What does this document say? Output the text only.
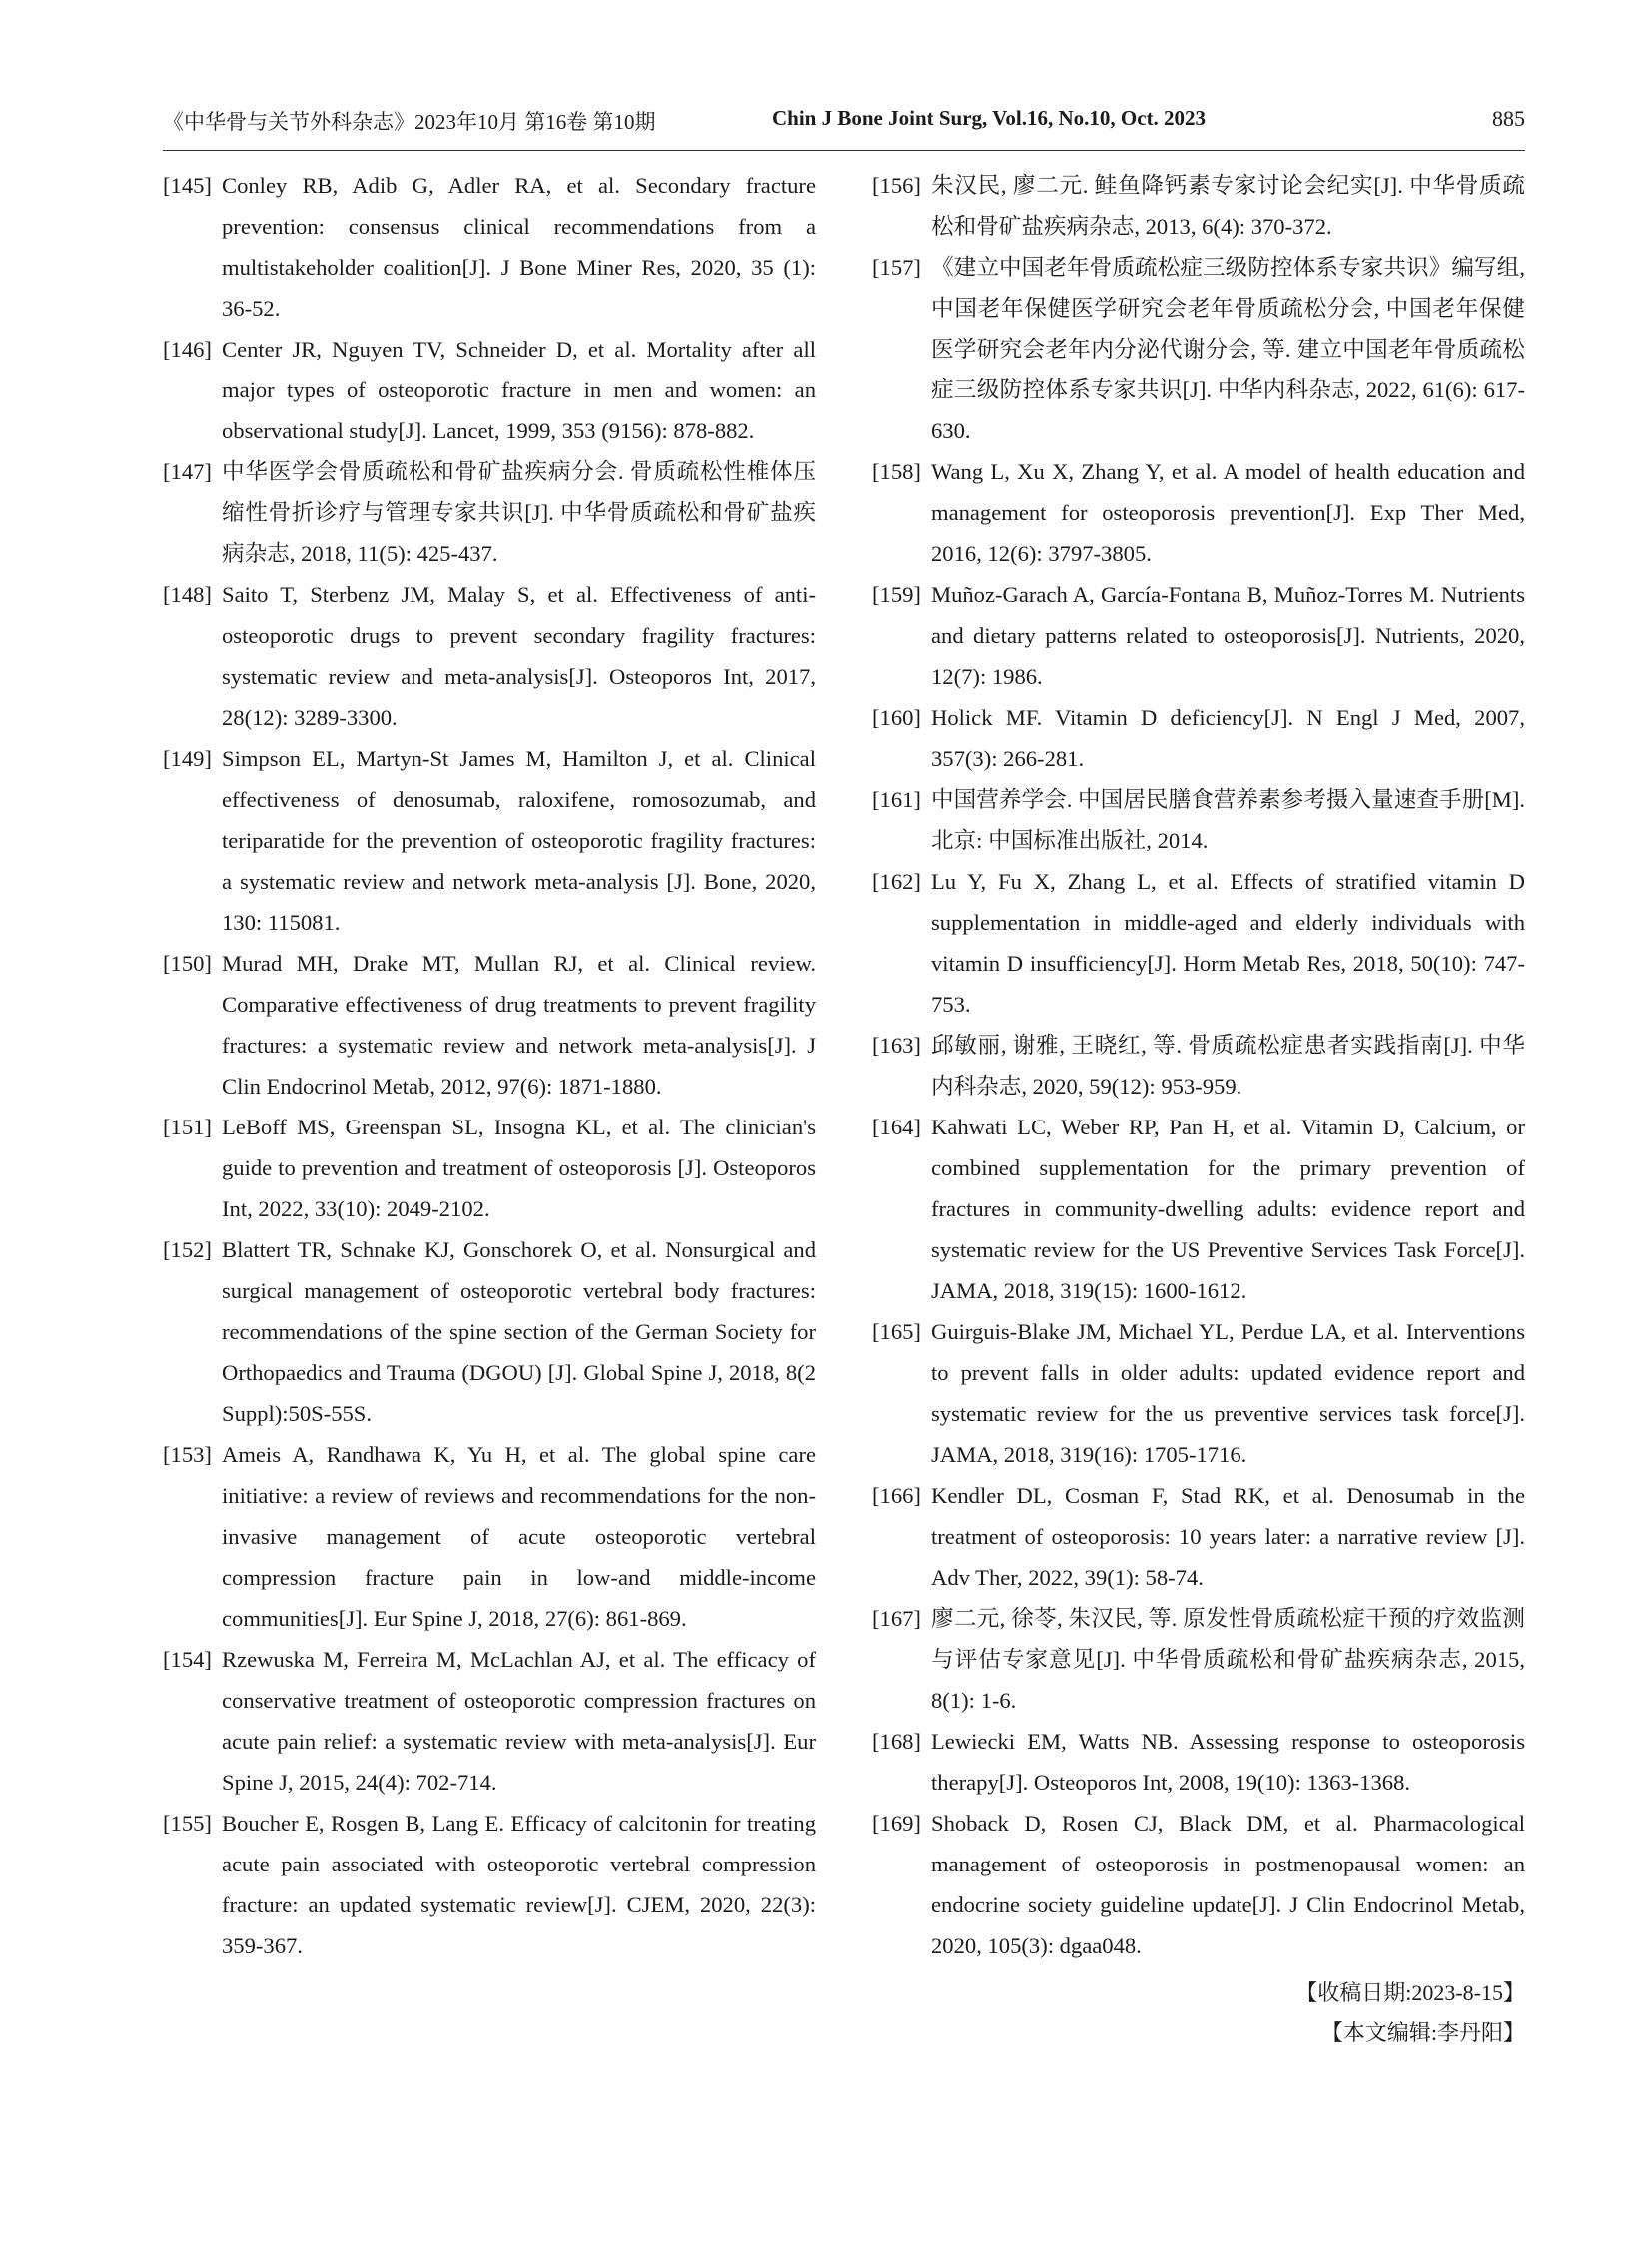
《中华骨与关节外科杂志》2023年10月 第16卷 第10期	Chin J Bone Joint Surg, Vol.16, No.10, Oct. 2023	885
[145] Conley RB, Adib G, Adler RA, et al. Secondary fracture prevention: consensus clinical recommendations from a multistakeholder coalition[J]. J Bone Miner Res, 2020, 35 (1): 36-52.
[146] Center JR, Nguyen TV, Schneider D, et al. Mortality after all major types of osteoporotic fracture in men and women: an observational study[J]. Lancet, 1999, 353 (9156): 878-882.
[147] 中华医学会骨质疏松和骨矿盐疾病分会. 骨质疏松性椎体压缩性骨折诊疗与管理专家共识[J]. 中华骨质疏松和骨矿盐疾病杂志, 2018, 11(5): 425-437.
[148] Saito T, Sterbenz JM, Malay S, et al. Effectiveness of anti-osteoporotic drugs to prevent secondary fragility fractures: systematic review and meta-analysis[J]. Osteoporos Int, 2017, 28(12): 3289-3300.
[149] Simpson EL, Martyn-St James M, Hamilton J, et al. Clinical effectiveness of denosumab, raloxifene, romosozumab, and teriparatide for the prevention of osteoporotic fragility fractures: a systematic review and network meta-analysis [J]. Bone, 2020, 130: 115081.
[150] Murad MH, Drake MT, Mullan RJ, et al. Clinical review. Comparative effectiveness of drug treatments to prevent fragility fractures: a systematic review and network meta-analysis[J]. J Clin Endocrinol Metab, 2012, 97(6): 1871-1880.
[151] LeBoff MS, Greenspan SL, Insogna KL, et al. The clinician's guide to prevention and treatment of osteoporosis [J]. Osteoporos Int, 2022, 33(10): 2049-2102.
[152] Blattert TR, Schnake KJ, Gonschorek O, et al. Nonsurgical and surgical management of osteoporotic vertebral body fractures: recommendations of the spine section of the German Society for Orthopaedics and Trauma (DGOU) [J]. Global Spine J, 2018, 8(2 Suppl):50S-55S.
[153] Ameis A, Randhawa K, Yu H, et al. The global spine care initiative: a review of reviews and recommendations for the non-invasive management of acute osteoporotic vertebral compression fracture pain in low-and middle-income communities[J]. Eur Spine J, 2018, 27(6): 861-869.
[154] Rzewuska M, Ferreira M, McLachlan AJ, et al. The efficacy of conservative treatment of osteoporotic compression fractures on acute pain relief: a systematic review with meta-analysis[J]. Eur Spine J, 2015, 24(4): 702-714.
[155] Boucher E, Rosgen B, Lang E. Efficacy of calcitonin for treating acute pain associated with osteoporotic vertebral compression fracture: an updated systematic review[J]. CJEM, 2020, 22(3): 359-367.
[156] 朱汉民, 廖二元. 鲑鱼降钙素专家讨论会纪实[J]. 中华骨质疏松和骨矿盐疾病杂志, 2013, 6(4): 370-372.
[157] 《建立中国老年骨质疏松症三级防控体系专家共识》编写组, 中国老年保健医学研究会老年骨质疏松分会, 中国老年保健医学研究会老年内分泌代谢分会, 等. 建立中国老年骨质疏松症三级防控体系专家共识[J]. 中华内科杂志, 2022, 61(6): 617-630.
[158] Wang L, Xu X, Zhang Y, et al. A model of health education and management for osteoporosis prevention[J]. Exp Ther Med, 2016, 12(6): 3797-3805.
[159] Muñoz-Garach A, García-Fontana B, Muñoz-Torres M. Nutrients and dietary patterns related to osteoporosis[J]. Nutrients, 2020, 12(7): 1986.
[160] Holick MF. Vitamin D deficiency[J]. N Engl J Med, 2007, 357(3): 266-281.
[161] 中国营养学会. 中国居民膳食营养素参考摄入量速查手册[M]. 北京: 中国标准出版社, 2014.
[162] Lu Y, Fu X, Zhang L, et al. Effects of stratified vitamin D supplementation in middle-aged and elderly individuals with vitamin D insufficiency[J]. Horm Metab Res, 2018, 50(10): 747-753.
[163] 邱敏丽, 谢雅, 王晓红, 等. 骨质疏松症患者实践指南[J]. 中华内科杂志, 2020, 59(12): 953-959.
[164] Kahwati LC, Weber RP, Pan H, et al. Vitamin D, Calcium, or combined supplementation for the primary prevention of fractures in community-dwelling adults: evidence report and systematic review for the US Preventive Services Task Force[J]. JAMA, 2018, 319(15): 1600-1612.
[165] Guirguis-Blake JM, Michael YL, Perdue LA, et al. Interventions to prevent falls in older adults: updated evidence report and systematic review for the us preventive services task force[J]. JAMA, 2018, 319(16): 1705-1716.
[166] Kendler DL, Cosman F, Stad RK, et al. Denosumab in the treatment of osteoporosis: 10 years later: a narrative review [J]. Adv Ther, 2022, 39(1): 58-74.
[167] 廖二元, 徐苓, 朱汉民, 等. 原发性骨质疏松症干预的疗效监测与评估专家意见[J]. 中华骨质疏松和骨矿盐疾病杂志, 2015, 8(1): 1-6.
[168] Lewiecki EM, Watts NB. Assessing response to osteoporosis therapy[J]. Osteoporos Int, 2008, 19(10): 1363-1368.
[169] Shoback D, Rosen CJ, Black DM, et al. Pharmacological management of osteoporosis in postmenopausal women: an endocrine society guideline update[J]. J Clin Endocrinol Metab, 2020, 105(3): dgaa048.
【收稿日期:2023-8-15】
【本文编辑:李丹阳】
